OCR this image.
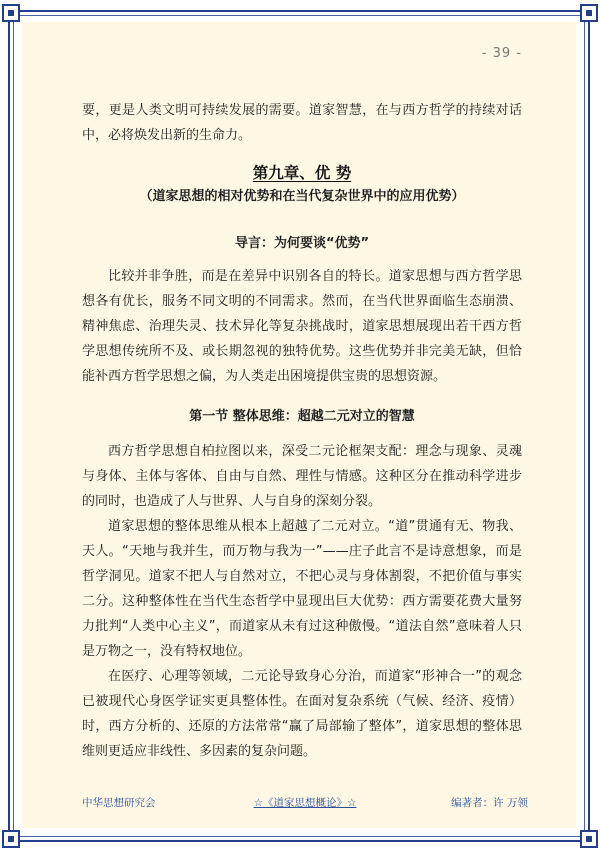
- 39 -

要，更是人类文明可持续发展的需要。道家智慧，在与西方哲学的持续对话中，必将焕发出新的生命力。

第九章、优 势
（道家思想的相对优势和在当代复杂世界中的应用优势）
导言：为何要谈“优势”

比较并非争胜，而是在差异中识别各自的特长。道家思想与西方哲学思想各有优长，服务不同文明的不同需求。然而，在当代世界面临生态崩溃、精神焦虑、治理失灵、技术异化等复杂挑战时，道家思想展现出若干西方哲学思想传统所不及、或长期忽视的独特优势。这些优势并非完美无缺，但恰能补西方哲学思想之偏，为人类走出困境提供宝贵的思想资源。

第一节 整体思维：超越二元对立的智慧

西方哲学思想自柏拉图以来，深受二元论框架支配：理念与现象、灵魂与身体、主体与客体、自由与自然、理性与情感。这种区分在推动科学进步的同时，也造成了人与世界、人与自身的深刻分裂。

道家思想的整体思维从根本上超越了二元对立。“道”贯通有无、物我、天人。“天地与我并生，而万物与我为一”——庄子此言不是诗意想象，而是哲学洞见。道家不把人与自然对立，不把心灵与身体割裂，不把价值与事实二分。这种整体性在当代生态哲学中显现出巨大优势：西方需要花费大量努力批判“人类中心主义”，而道家从未有过这种傲慢。“道法自然”意味着人只是万物之一，没有特权地位。

在医疗、心理等领域，二元论导致身心分治，而道家“形神合一”的观念已被现代心身医学证实更具整体性。在面对复杂系统（气候、经济、疫情）时，西方分析的、还原的方法常常“赢了局部输了整体”，道家思想的整体思维则更适应非线性、多因素的复杂问题。

中华思想研究会	☆《道家思想概论》☆	编著者：许 万领
